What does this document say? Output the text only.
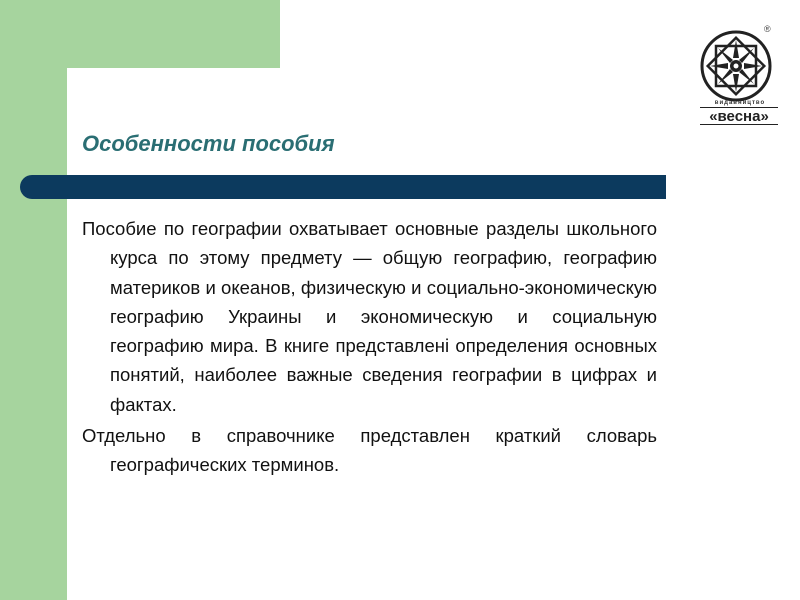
Особенности пособия

Пособие по географии охватывает основные разделы школьного курса по этому предмету — общую географию, географию материков и океанов, физическую и социально-экономическую географию Украины и экономическую и социальную географию мира. В книге представлені определения основных понятий, наиболее важные сведения географии в цифрах и фактах.

Отдельно в справочнике представлен краткий словарь географических терминов.

®
видавництво
«весна»
